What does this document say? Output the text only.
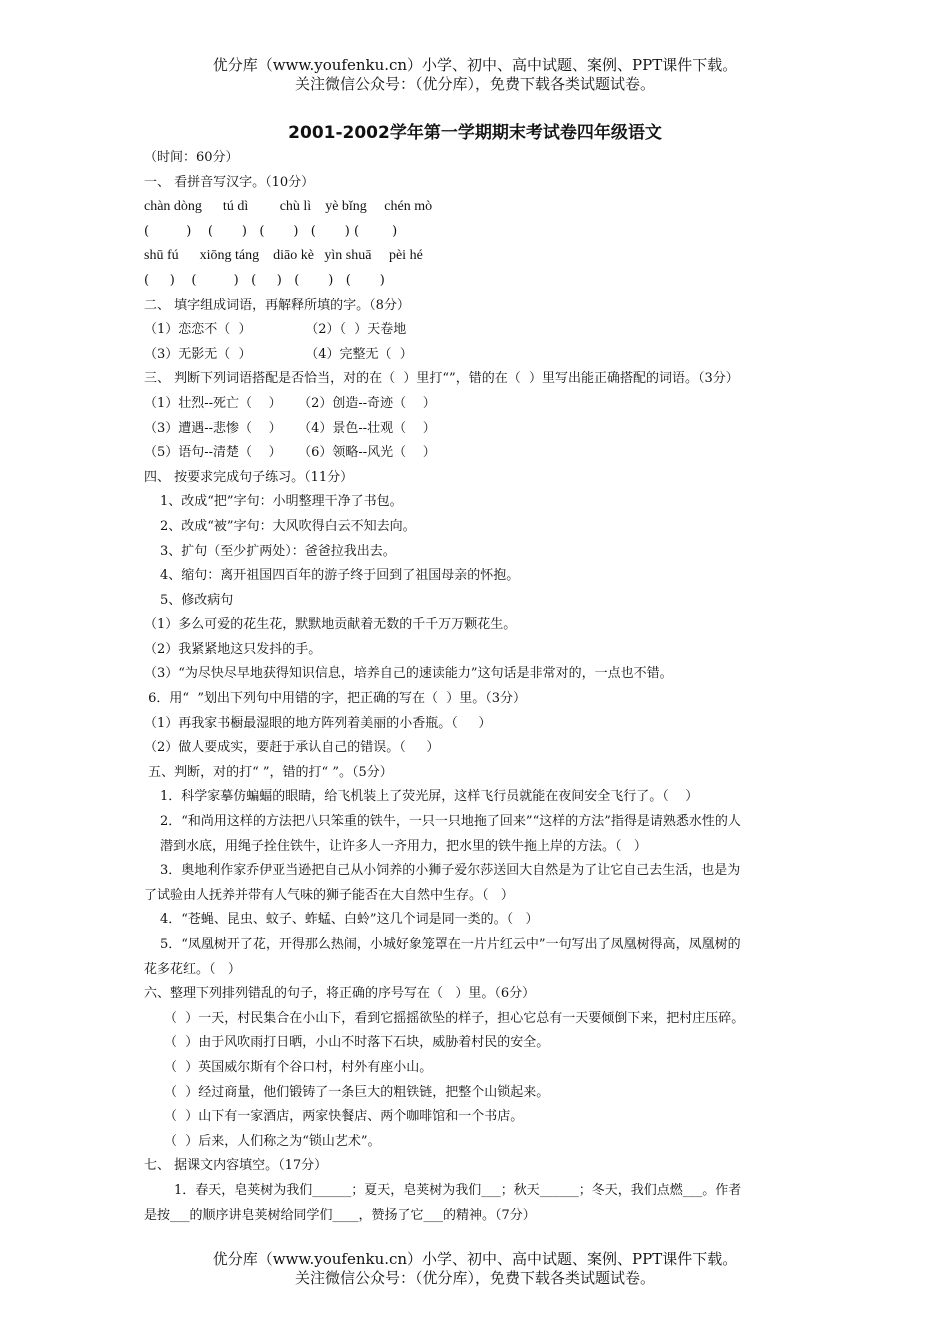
优分库（www.youfenku.cn）小学、初中、高中试题、案例、PPT课件下载。
关注微信公众号：（优分库），免费下载各类试题试卷。
2001-2002学年第一学期期末考试卷四年级语文
（时间：60分）
一、 看拼音写汉字。（10分）
chàn dòng      tú dì         chù lì    yè bǐng     chén mò
(         )    (       )   (       )   (       ) (        )
shū fú      xiōng táng    diāo kè   yìn shuā     pèi hé
(     )    (         )   (     )   (       )   (       )
二、 填字组成词语，再解释所填的字。（8分）
（1）恋恋不（  ）             （2）（  ）天卷地
（3）无影无（  ）             （4）完整无（  ）
三、 判断下列词语搭配是否恰当，对的在（  ）里打“”，错的在（  ）里写出能正确搭配的词语。（3分）
（1）壮烈--死亡（    ）    （2）创造--奇迹（    ）
（3）遭遇--悲惨（    ）    （4）景色--壮观（    ）
（5）语句--清楚（    ）    （6）领略--风光（    ）
四、 按要求完成句子练习。（11分）
1、改成“把”字句：小明整理干净了书包。
2、改成“被”字句：大风吹得白云不知去向。
3、扩句（至少扩两处）：爸爸拉我出去。
4、缩句：离开祖国四百年的游子终于回到了祖国母亲的怀抱。
5、修改病句
（1）多么可爱的花生花，默默地贡献着无数的千千万万颗花生。
（2）我紧紧地这只发抖的手。
（3）“为尽快尽早地获得知识信息，培养自己的速读能力”这句话是非常对的，一点也不错。
6．用“  ”划出下列句中用错的字，把正确的写在（  ）里。（3分）
（1）再我家书橱最湿眼的地方阵列着美丽的小香瓶。（     ）
（2）做人要成实，要赶于承认自己的错误。（     ）
五、判断，对的打“ ”，错的打“ ”。（5分）
1．科学家摹仿蝙蝠的眼睛，给飞机装上了荧光屏，这样飞行员就能在夜间安全飞行了。（    ）
2．“和尚用这样的方法把八只笨重的铁牛，一只一只地拖了回来”“这样的方法”指得是请熟悉水性的人
潜到水底，用绳子拴住铁牛，让许多人一齐用力，把水里的铁牛拖上岸的方法。（   ）
3．奥地利作家乔伊亚当逊把自己从小饲养的小狮子爱尔莎送回大自然是为了让它自己去生活，也是为
了试验由人抚养并带有人气味的狮子能否在大自然中生存。（   ）
4．“苍蝇、昆虫、蚊子、蚱蜢、白蛉”这几个词是同一类的。（   ）
5．“凤凰树开了花，开得那么热闹，小城好象笼罩在一片片红云中”一句写出了凤凰树得高，凤凰树的
花多花红。（   ）
六、整理下列排列错乱的句子，将正确的序号写在（   ）里。（6分）
（  ）一天，村民集合在小山下，看到它摇摇欲坠的样子，担心它总有一天要倾倒下来，把村庄压碎。
（  ）由于风吹雨打日晒，小山不时落下石块，威胁着村民的安全。
（  ）英国威尔斯有个谷口村，村外有座小山。
（  ）经过商量，他们锻铸了一条巨大的粗铁链，把整个山锁起来。
（  ）山下有一家酒店，两家快餐店、两个咖啡馆和一个书店。
（  ）后来，人们称之为“锁山艺术”。
七、 据课文内容填空。（17分）
1．春天，皂荚树为我们______；夏天，皂荚树为我们___；秋天______；冬天，我们点燃___。作者
是按___的顺序讲皂荚树给同学们____，赞扬了它___的精神。（7分）
优分库（www.youfenku.cn）小学、初中、高中试题、案例、PPT课件下载。
关注微信公众号：（优分库），免费下载各类试题试卷。
